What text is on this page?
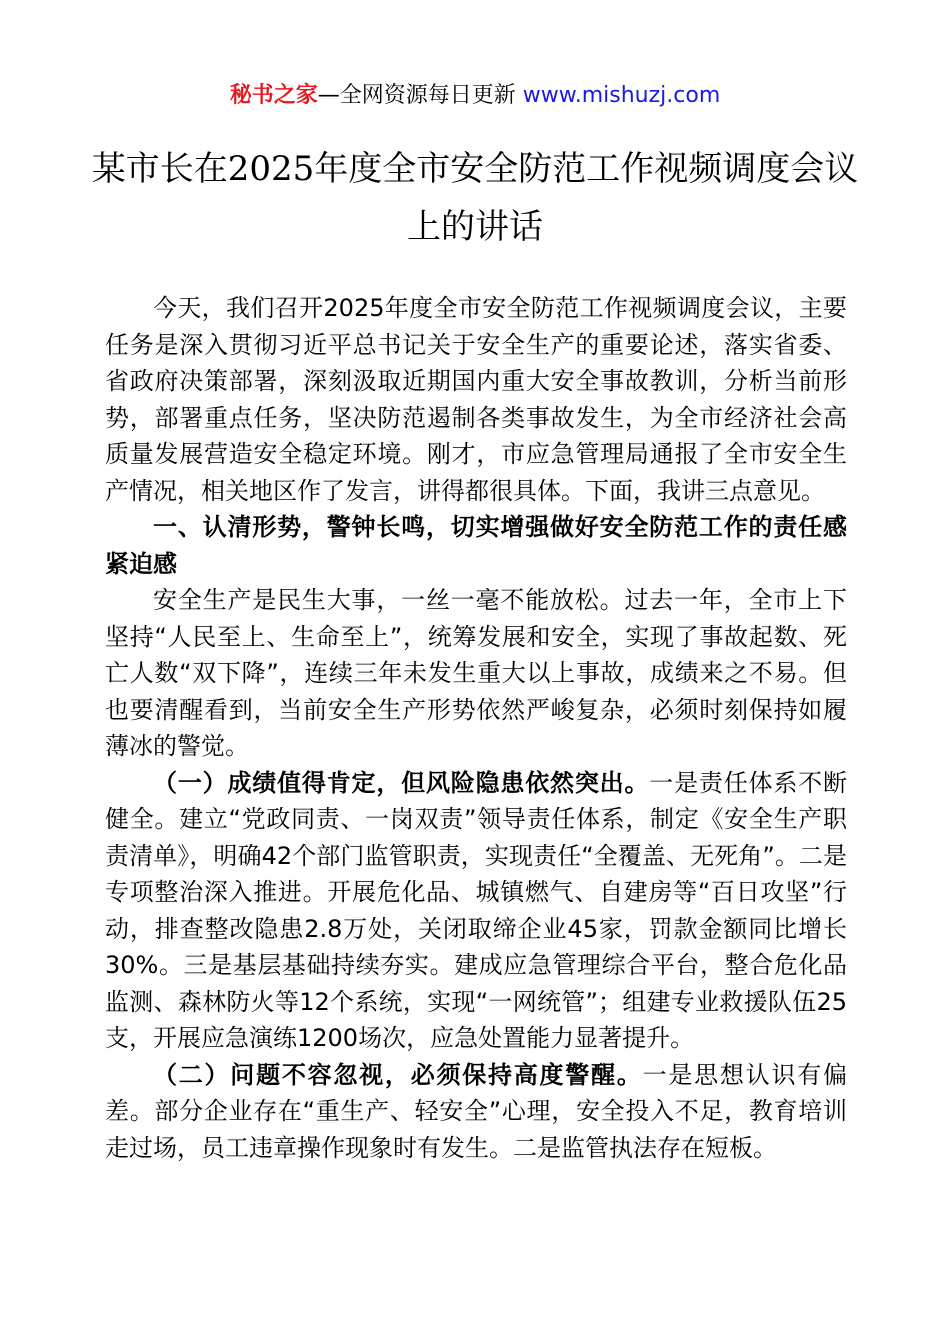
秘书之家—全网资源每日更新 www.mishuzj.com
某市长在2025年度全市安全防范工作视频调度会议上的讲话

今天，我们召开2025年度全市安全防范工作视频调度会议，主要任务是深入贯彻习近平总书记关于安全生产的重要论述，落实省委、省政府决策部署，深刻汲取近期国内重大安全事故教训，分析当前形势，部署重点任务，坚决防范遏制各类事故发生，为全市经济社会高质量发展营造安全稳定环境。刚才，市应急管理局通报了全市安全生产情况，相关地区作了发言，讲得都很具体。下面，我讲三点意见。

一、认清形势，警钟长鸣，切实增强做好安全防范工作的责任感紧迫感

安全生产是民生大事，一丝一毫不能放松。过去一年，全市上下坚持“人民至上、生命至上”，统筹发展和安全，实现了事故起数、死亡人数“双下降”，连续三年未发生重大以上事故，成绩来之不易。但也要清醒看到，当前安全生产形势依然严峻复杂，必须时刻保持如履薄冰的警觉。

（一）成绩值得肯定，但风险隐患依然突出。一是责任体系不断健全。建立“党政同责、一岗双责”领导责任体系，制定《安全生产职责清单》，明确42个部门监管职责，实现责任“全覆盖、无死角”。二是专项整治深入推进。开展危化品、城镇燃气、自建房等“百日攻坚”行动，排查整改隐患2.8万处，关闭取缔企业45家，罚款金额同比增长30%。三是基层基础持续夯实。建成应急管理综合平台，整合危化品监测、森林防火等12个系统，实现“一网统管”；组建专业救援队伍25支，开展应急演练1200场次，应急处置能力显著提升。

（二）问题不容忽视，必须保持高度警醒。一是思想认识有偏差。部分企业存在“重生产、轻安全”心理，安全投入不足，教育培训走过场，员工违章操作现象时有发生。二是监管执法存在短板。
